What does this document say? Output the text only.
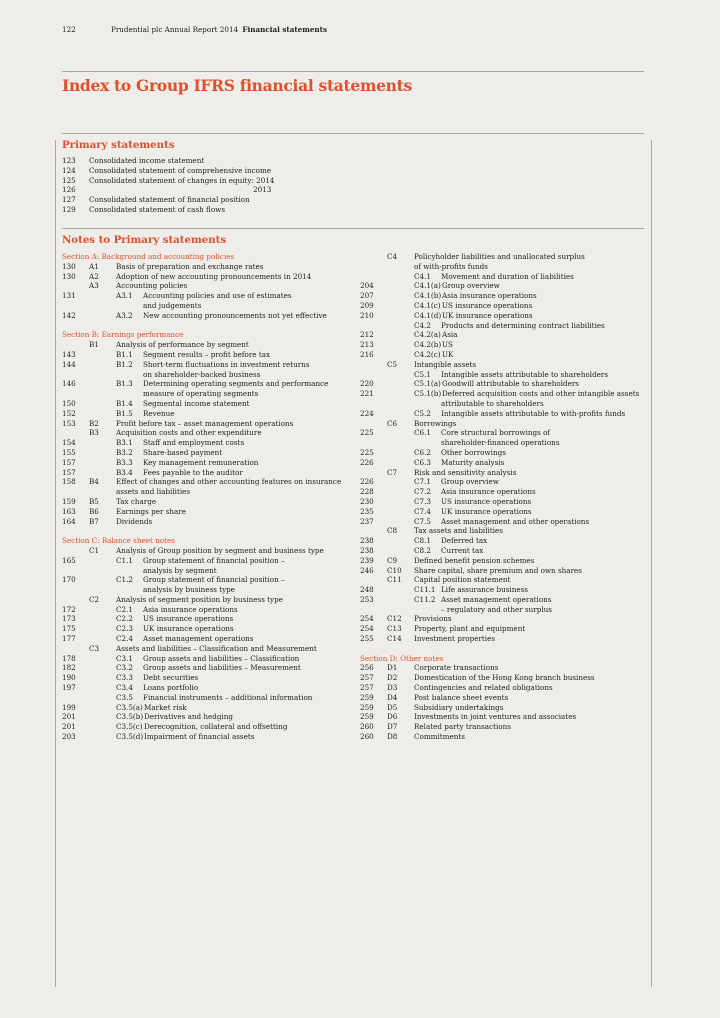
122	Prudential plc Annual Report 2014 Financial statements
Index to Group IFRS financial statements
Primary statements
123 Consolidated income statement
124 Consolidated statement of comprehensive income
125 Consolidated statement of changes in equity: 2014
126	2013
127 Consolidated statement of financial position
129 Consolidated statement of cash flows
Notes to Primary statements
Section A: Background and accounting policies
130 A1 Basis of preparation and exchange rates
130 A2 Adoption of new accounting pronouncements in 2014
A3 Accounting policies
131	A3.1 Accounting policies and use of estimates
and judgements
142	A3.2 New accounting pronouncements not yet effective
Section B: Earnings performance
B1 Analysis of performance by segment
143	B1.1 Segment results – profit before tax
144	B1.2 Short-term fluctuations in investment returns
on shareholder-backed business
146	B1.3 Determining operating segments and performance
measure of operating segments
150	B1.4 Segmental income statement
152	B1.5 Revenue
153 B2 Profit before tax – asset management operations
B3 Acquisition costs and other expenditure
154	B3.1 Staff and employment costs
155	B3.2 Share-based payment
157	B3.3 Key management remuneration
157	B3.4 Fees payable to the auditor
158 B4 Effect of changes and other accounting features on insurance
assets and liabilities
159 B5 Tax charge
163 B6 Earnings per share
164 B7 Dividends
Section C: Balance sheet notes
C1 Analysis of Group position by segment and business type
165	C1.1 Group statement of financial position –
analysis by segment
170	C1.2 Group statement of financial position –
analysis by business type
C2 Analysis of segment position by business type
172	C2.1 Asia insurance operations
173	C2.2 US insurance operations
175	C2.3 UK insurance operations
177	C2.4 Asset management operations
C3 Assets and liabilities – Classification and Measurement
178	C3.1 Group assets and liabilities – Classification
182	C3.2 Group assets and liabilities – Measurement
190	C3.3 Debt securities
197	C3.4 Loans portfolio
C3.5 Financial instruments – additional information
199	C3.5(a) Market risk
201	C3.5(b) Derivatives and hedging
201	C3.5(c) Derecognition, collateral and offsetting
203	C3.5(d) Impairment of financial assets
C4 Policyholder liabilities and unallocated surplus
of with-profits funds
C4.1 Movement and duration of liabilities
204	C4.1(a) Group overview
207	C4.1(b) Asia insurance operations
209	C4.1(c) US insurance operations
210	C4.1(d) UK insurance operations
C4.2 Products and determining contract liabilities
212	C4.2(a) Asia
213	C4.2(b) US
216	C4.2(c) UK
C5 Intangible assets
C5.1 Intangible assets attributable to shareholders
220	C5.1(a) Goodwill attributable to shareholders
221	C5.1(b) Deferred acquisition costs and other intangible assets
attributable to shareholders
224	C5.2 Intangible assets attributable to with-profits funds
C6 Borrowings
225	C6.1 Core structural borrowings of
shareholder-financed operations
225	C6.2 Other borrowings
226	C6.3 Maturity analysis
C7 Risk and sensitivity analysis
226	C7.1 Group overview
228	C7.2 Asia insurance operations
230	C7.3 US insurance operations
235	C7.4 UK insurance operations
237	C7.5 Asset management and other operations
C8 Tax assets and liabilities
238	C8.1 Deferred tax
238	C8.2 Current tax
239 C9 Defined benefit pension schemes
246 C10 Share capital, share premium and own shares
C11 Capital position statement
248	C11.1 Life assurance business
253	C11.2 Asset management operations
– regulatory and other surplus
254 C12 Provisions
254 C13 Property, plant and equipment
255 C14 Investment properties
Section D: Other notes
256 D1 Corporate transactions
257 D2 Domestication of the Hong Kong branch business
257 D3 Contingencies and related obligations
259 D4 Post balance sheet events
259 D5 Subsidiary undertakings
259 D6 Investments in joint ventures and associates
260 D7 Related party transactions
260 D8 Commitments
